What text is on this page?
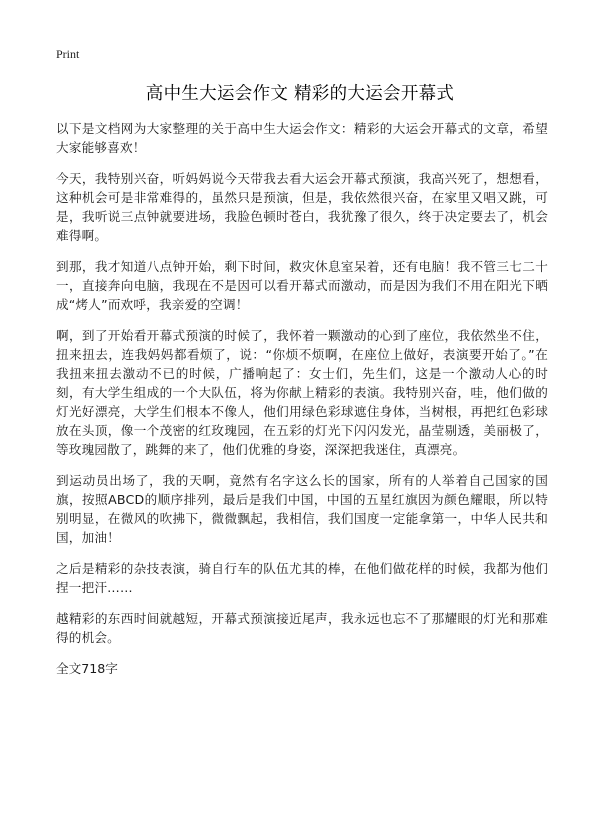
Print
高中生大运会作文 精彩的大运会开幕式

以下是文档网为大家整理的关于高中生大运会作文：精彩的大运会开幕式的文章，希望大家能够喜欢！

今天，我特别兴奋，听妈妈说今天带我去看大运会开幕式预演，我高兴死了，想想看，这种机会可是非常难得的，虽然只是预演，但是，我依然很兴奋，在家里又唱又跳，可是，我听说三点钟就要进场，我脸色顿时苍白，我犹豫了很久，终于决定要去了，机会难得啊。

到那，我才知道八点钟开始，剩下时间，救灾休息室呆着，还有电脑！我不管三七二十一，直接奔向电脑，我现在不是因可以看开幕式而激动，而是因为我们不用在阳光下晒成“烤人”而欢呼，我亲爱的空调！

啊，到了开始看开幕式预演的时候了，我怀着一颗激动的心到了座位，我依然坐不住，扭来扭去，连我妈妈都看烦了，说：“你烦不烦啊，在座位上做好，表演要开始了。”在我扭来扭去激动不已的时候，广播响起了：女士们，先生们，这是一个激动人心的时刻，有大学生组成的一个大队伍，将为你献上精彩的表演。我特别兴奋，哇，他们做的灯光好漂亮，大学生们根本不像人，他们用绿色彩球遮住身体，当树根，再把红色彩球放在头顶，像一个茂密的红玫瑰园，在五彩的灯光下闪闪发光，晶莹剔透，美丽极了，等玫瑰园散了，跳舞的来了，他们优雅的身姿，深深把我迷住，真漂亮。

到运动员出场了，我的天啊，竟然有名字这么长的国家，所有的人举着自己国家的国旗，按照ABCD的顺序排列，最后是我们中国，中国的五星红旗因为颜色耀眼，所以特别明显，在微风的吹拂下，微微飘起，我相信，我们国度一定能拿第一，中华人民共和国，加油！

之后是精彩的杂技表演，骑自行车的队伍尤其的棒，在他们做花样的时候，我都为他们捏一把汗……

越精彩的东西时间就越短，开幕式预演接近尾声，我永远也忘不了那耀眼的灯光和那难得的机会。

全文718字
